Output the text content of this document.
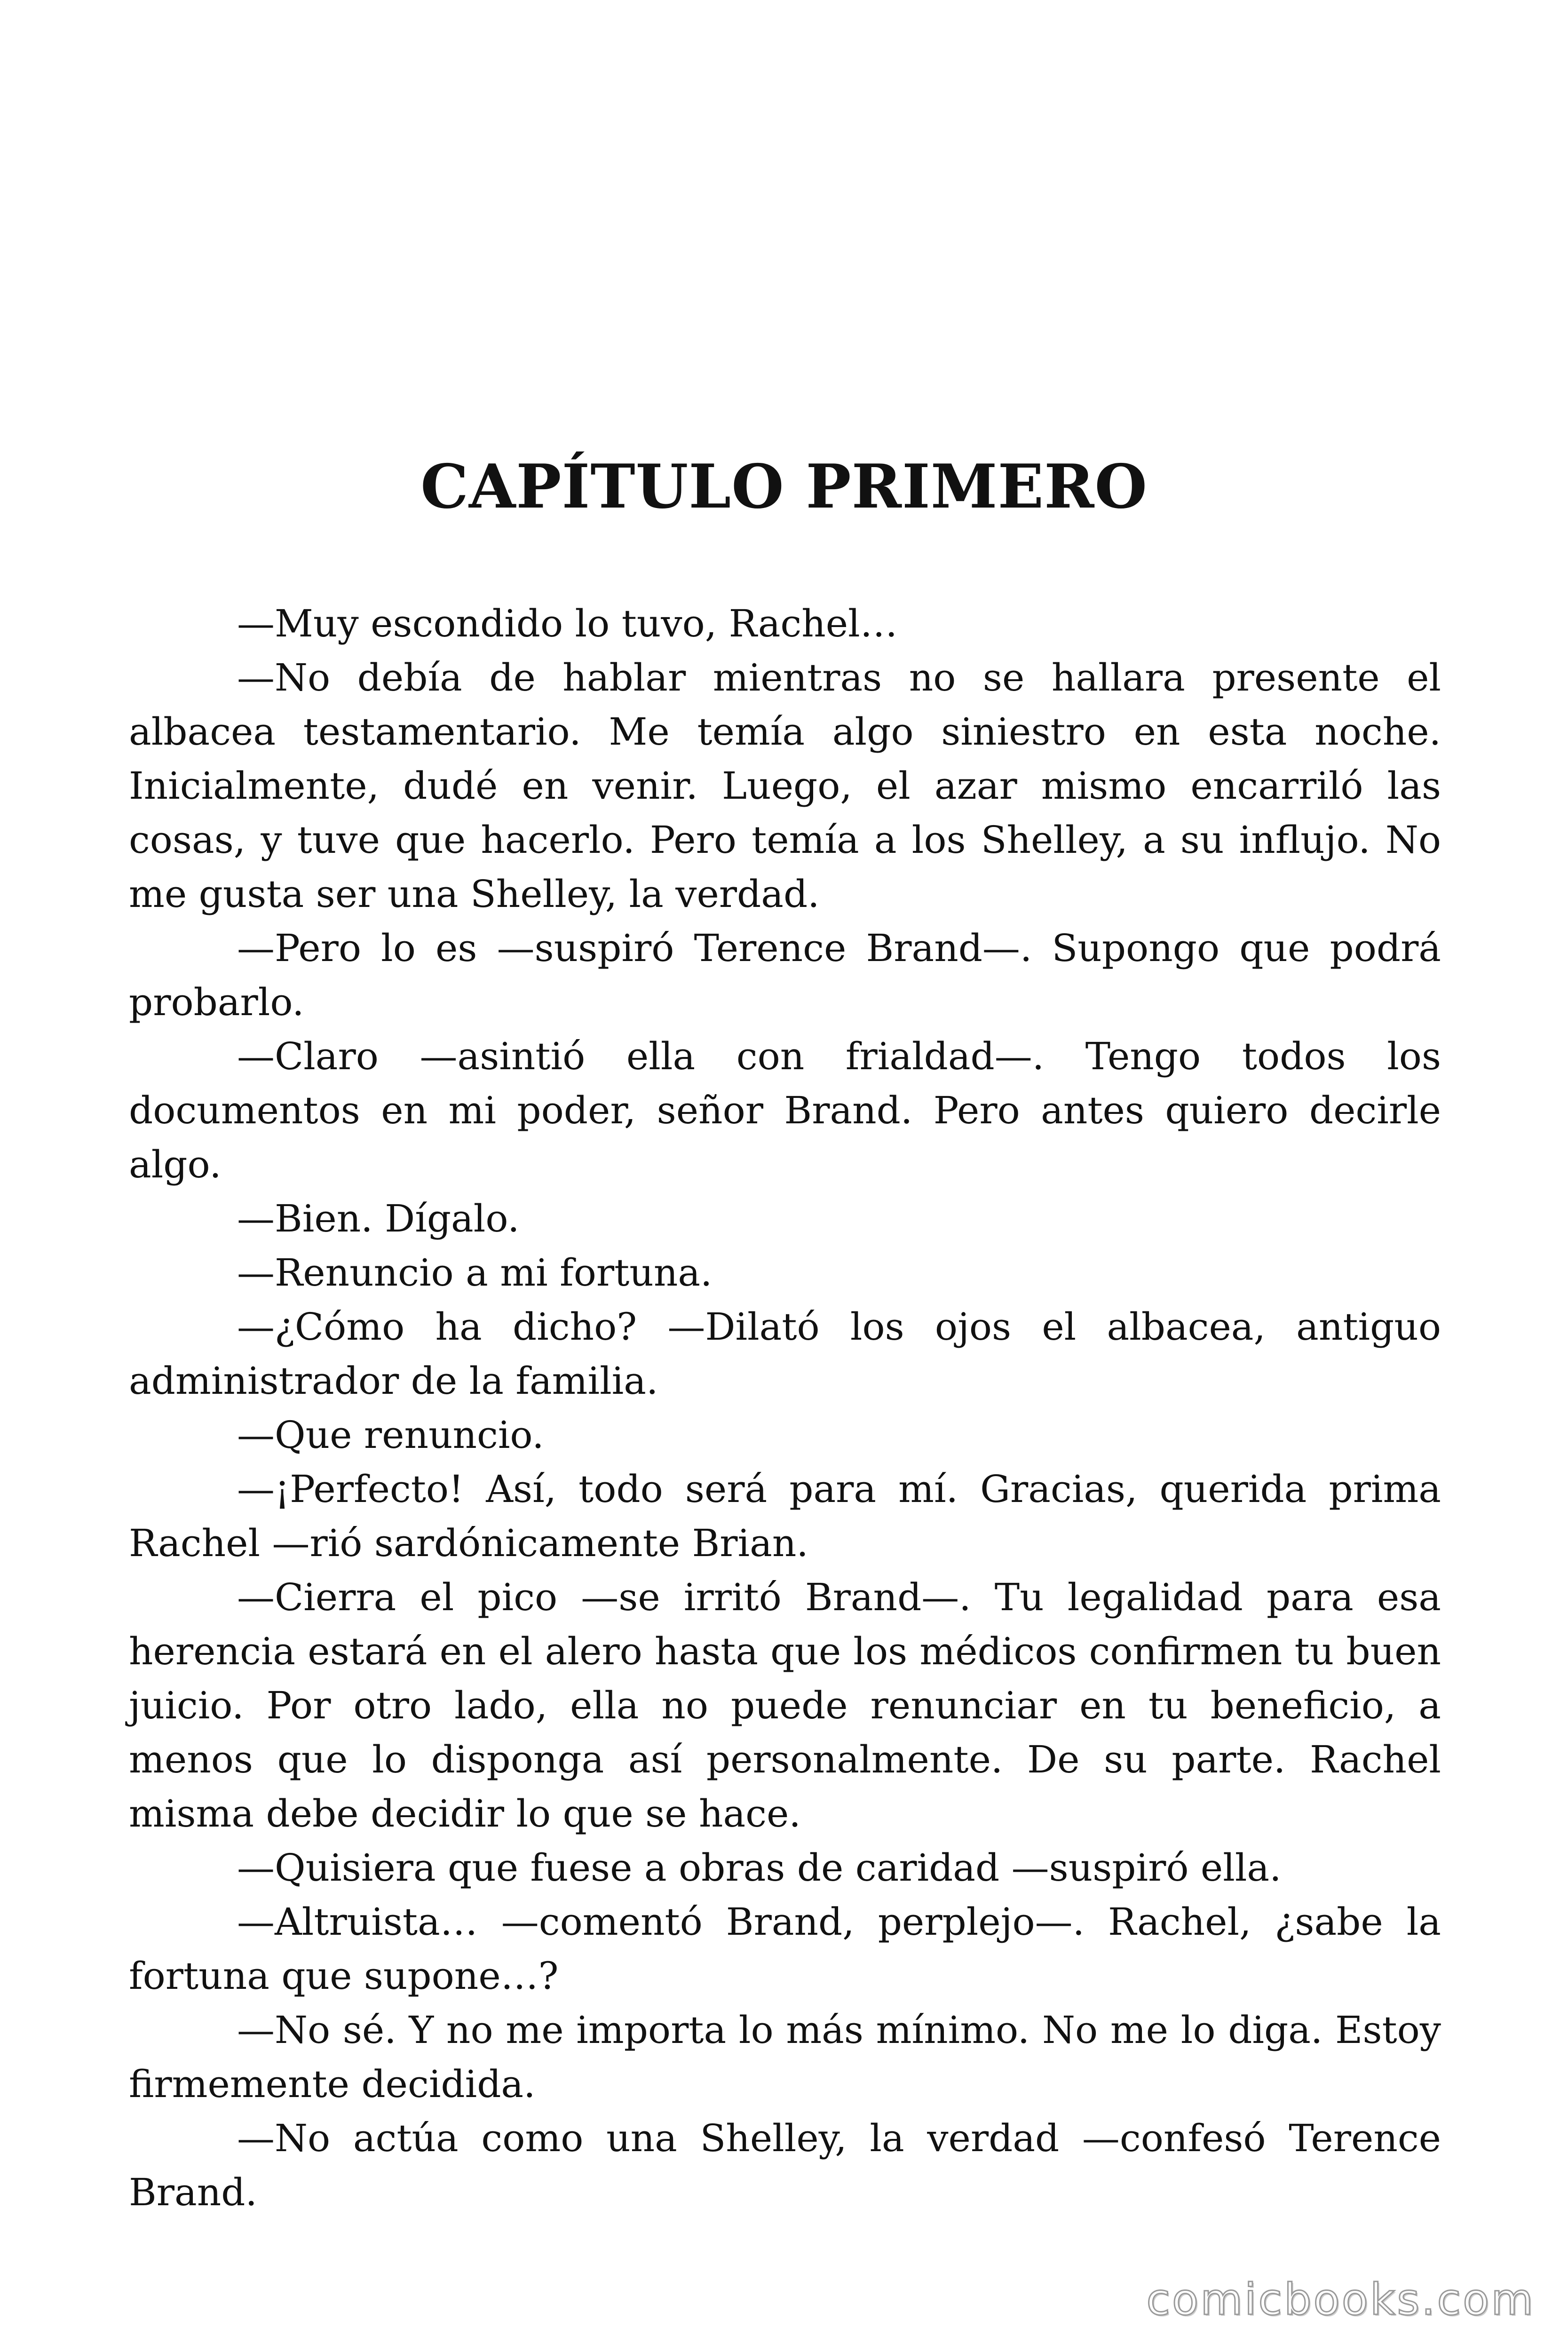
CAPÍTULO PRIMERO

—Muy escondido lo tuvo, Rachel…

—No debía de hablar mientras no se hallara presente el albacea testamentario. Me temía algo siniestro en esta noche. Inicialmente, dudé en venir. Luego, el azar mismo encarriló las cosas, y tuve que hacerlo. Pero temía a los Shelley, a su influjo. No me gusta ser una Shelley, la verdad.

—Pero lo es —suspiró Terence Brand—. Supongo que podrá probarlo.

—Claro —asintió ella con frialdad—. Tengo todos los documentos en mi poder, señor Brand. Pero antes quiero decirle algo.

—Bien. Dígalo.

—Renuncio a mi fortuna.

—¿Cómo ha dicho? —Dilató los ojos el albacea, antiguo administrador de la familia.

—Que renuncio.

—¡Perfecto! Así, todo será para mí. Gracias, querida prima Rachel —rió sardónicamente Brian.

—Cierra el pico —se irritó Brand—. Tu legalidad para esa herencia estará en el alero hasta que los médicos confirmen tu buen juicio. Por otro lado, ella no puede renunciar en tu beneficio, a menos que lo disponga así personalmente. De su parte. Rachel misma debe decidir lo que se hace.

—Quisiera que fuese a obras de caridad —suspiró ella.

—Altruista… —comentó Brand, perplejo—. Rachel, ¿sabe la fortuna que supone…?

—No sé. Y no me importa lo más mínimo. No me lo diga. Estoy firmemente decidida.

—No actúa como una Shelley, la verdad —confesó Terence Brand.

comicbooks.com
